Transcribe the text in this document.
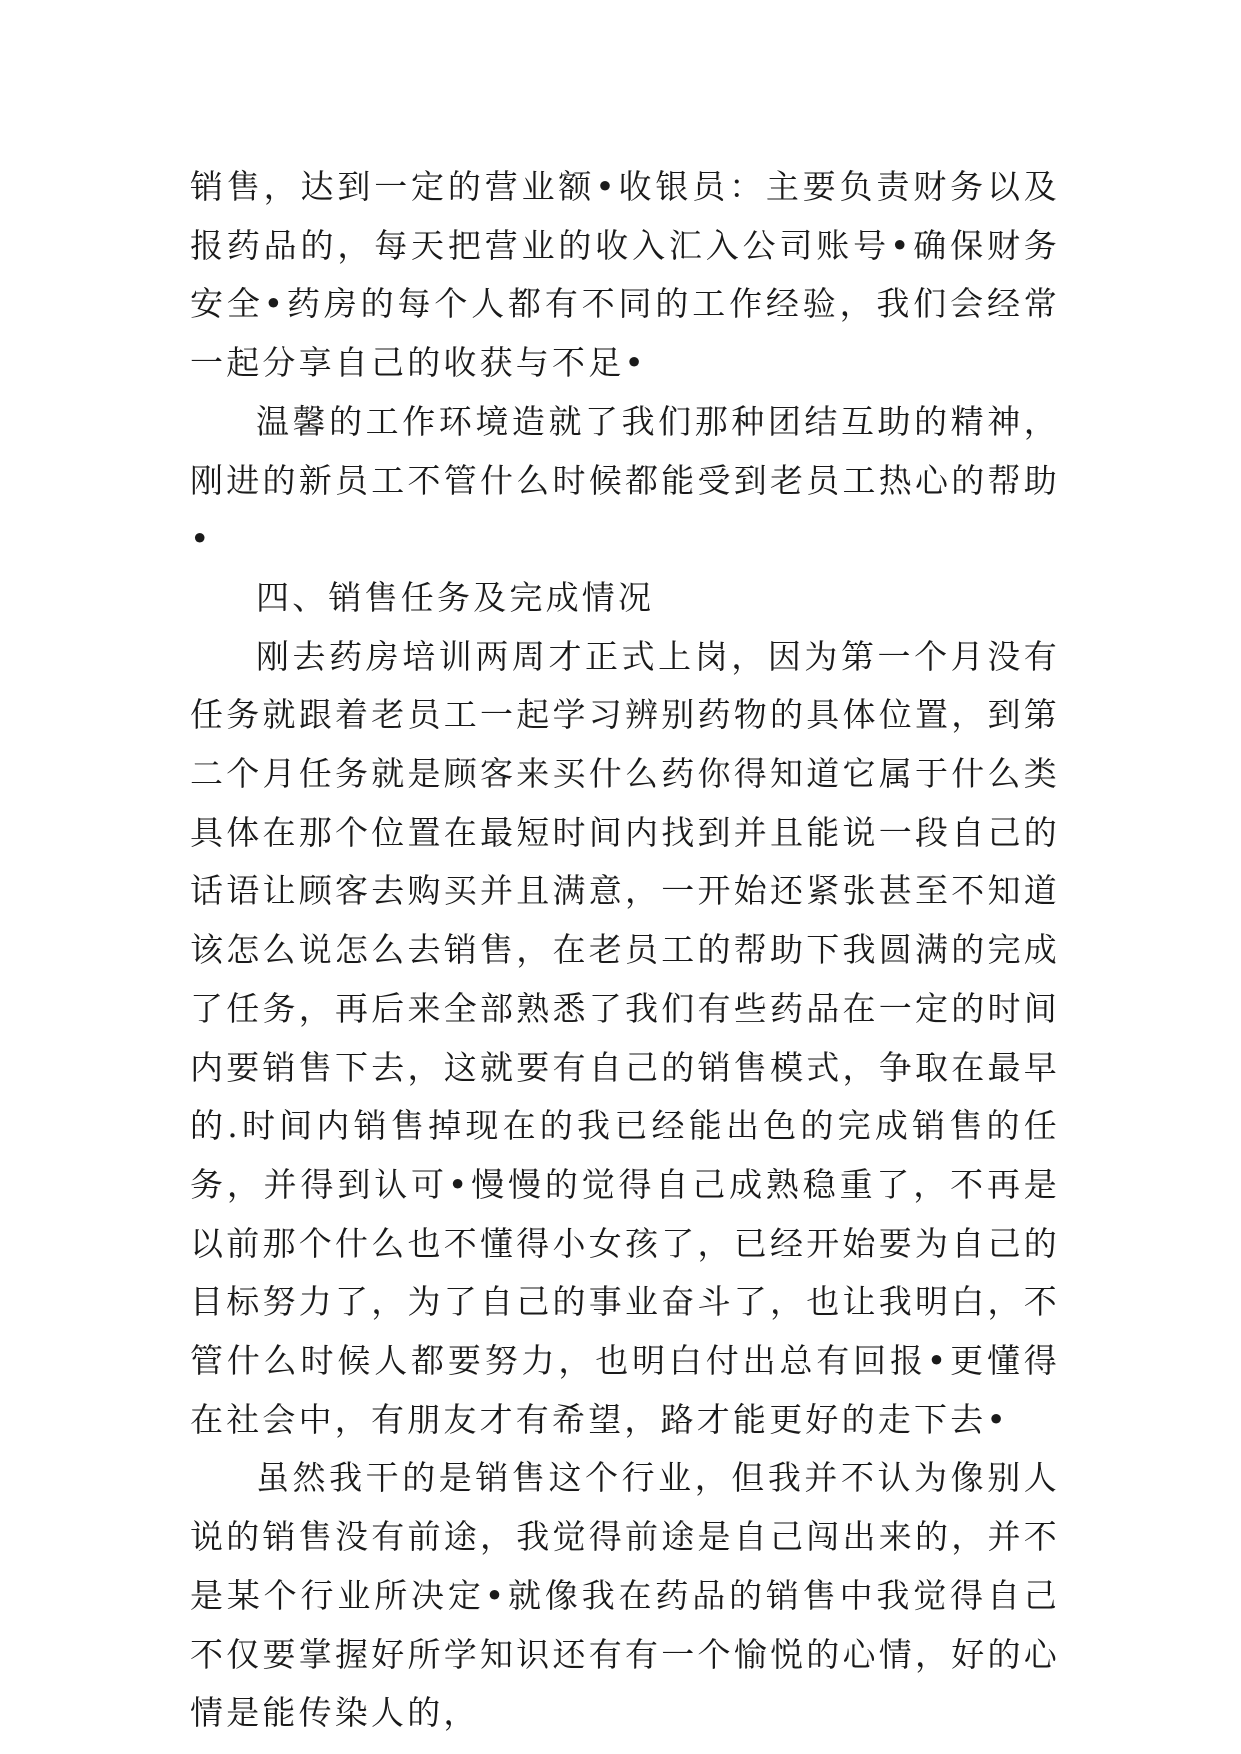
销售，达到一定的营业额•收银员：主要负责财务以及报药品的，每天把营业的收入汇入公司账号•确保财务安全•药房的每个人都有不同的工作经验，我们会经常一起分享自己的收获与不足•

温馨的工作环境造就了我们那种团结互助的精神，刚进的新员工不管什么时候都能受到老员工热心的帮助•

四、销售任务及完成情况

刚去药房培训两周才正式上岗，因为第一个月没有任务就跟着老员工一起学习辨别药物的具体位置，到第二个月任务就是顾客来买什么药你得知道它属于什么类具体在那个位置在最短时间内找到并且能说一段自己的话语让顾客去购买并且满意，一开始还紧张甚至不知道该怎么说怎么去销售，在老员工的帮助下我圆满的完成了任务，再后来全部熟悉了我们有些药品在一定的时间内要销售下去，这就要有自己的销售模式，争取在最早的.时间内销售掉现在的我已经能出色的完成销售的任务，并得到认可•慢慢的觉得自己成熟稳重了，不再是以前那个什么也不懂得小女孩了，已经开始要为自己的目标努力了，为了自己的事业奋斗了，也让我明白，不管什么时候人都要努力，也明白付出总有回报•更懂得在社会中，有朋友才有希望，路才能更好的走下去•

虽然我干的是销售这个行业，但我并不认为像别人说的销售没有前途，我觉得前途是自己闯出来的，并不是某个行业所决定•就像我在药品的销售中我觉得自己不仅要掌握好所学知识还有有一个愉悦的心情，好的心情是能传染人的，
